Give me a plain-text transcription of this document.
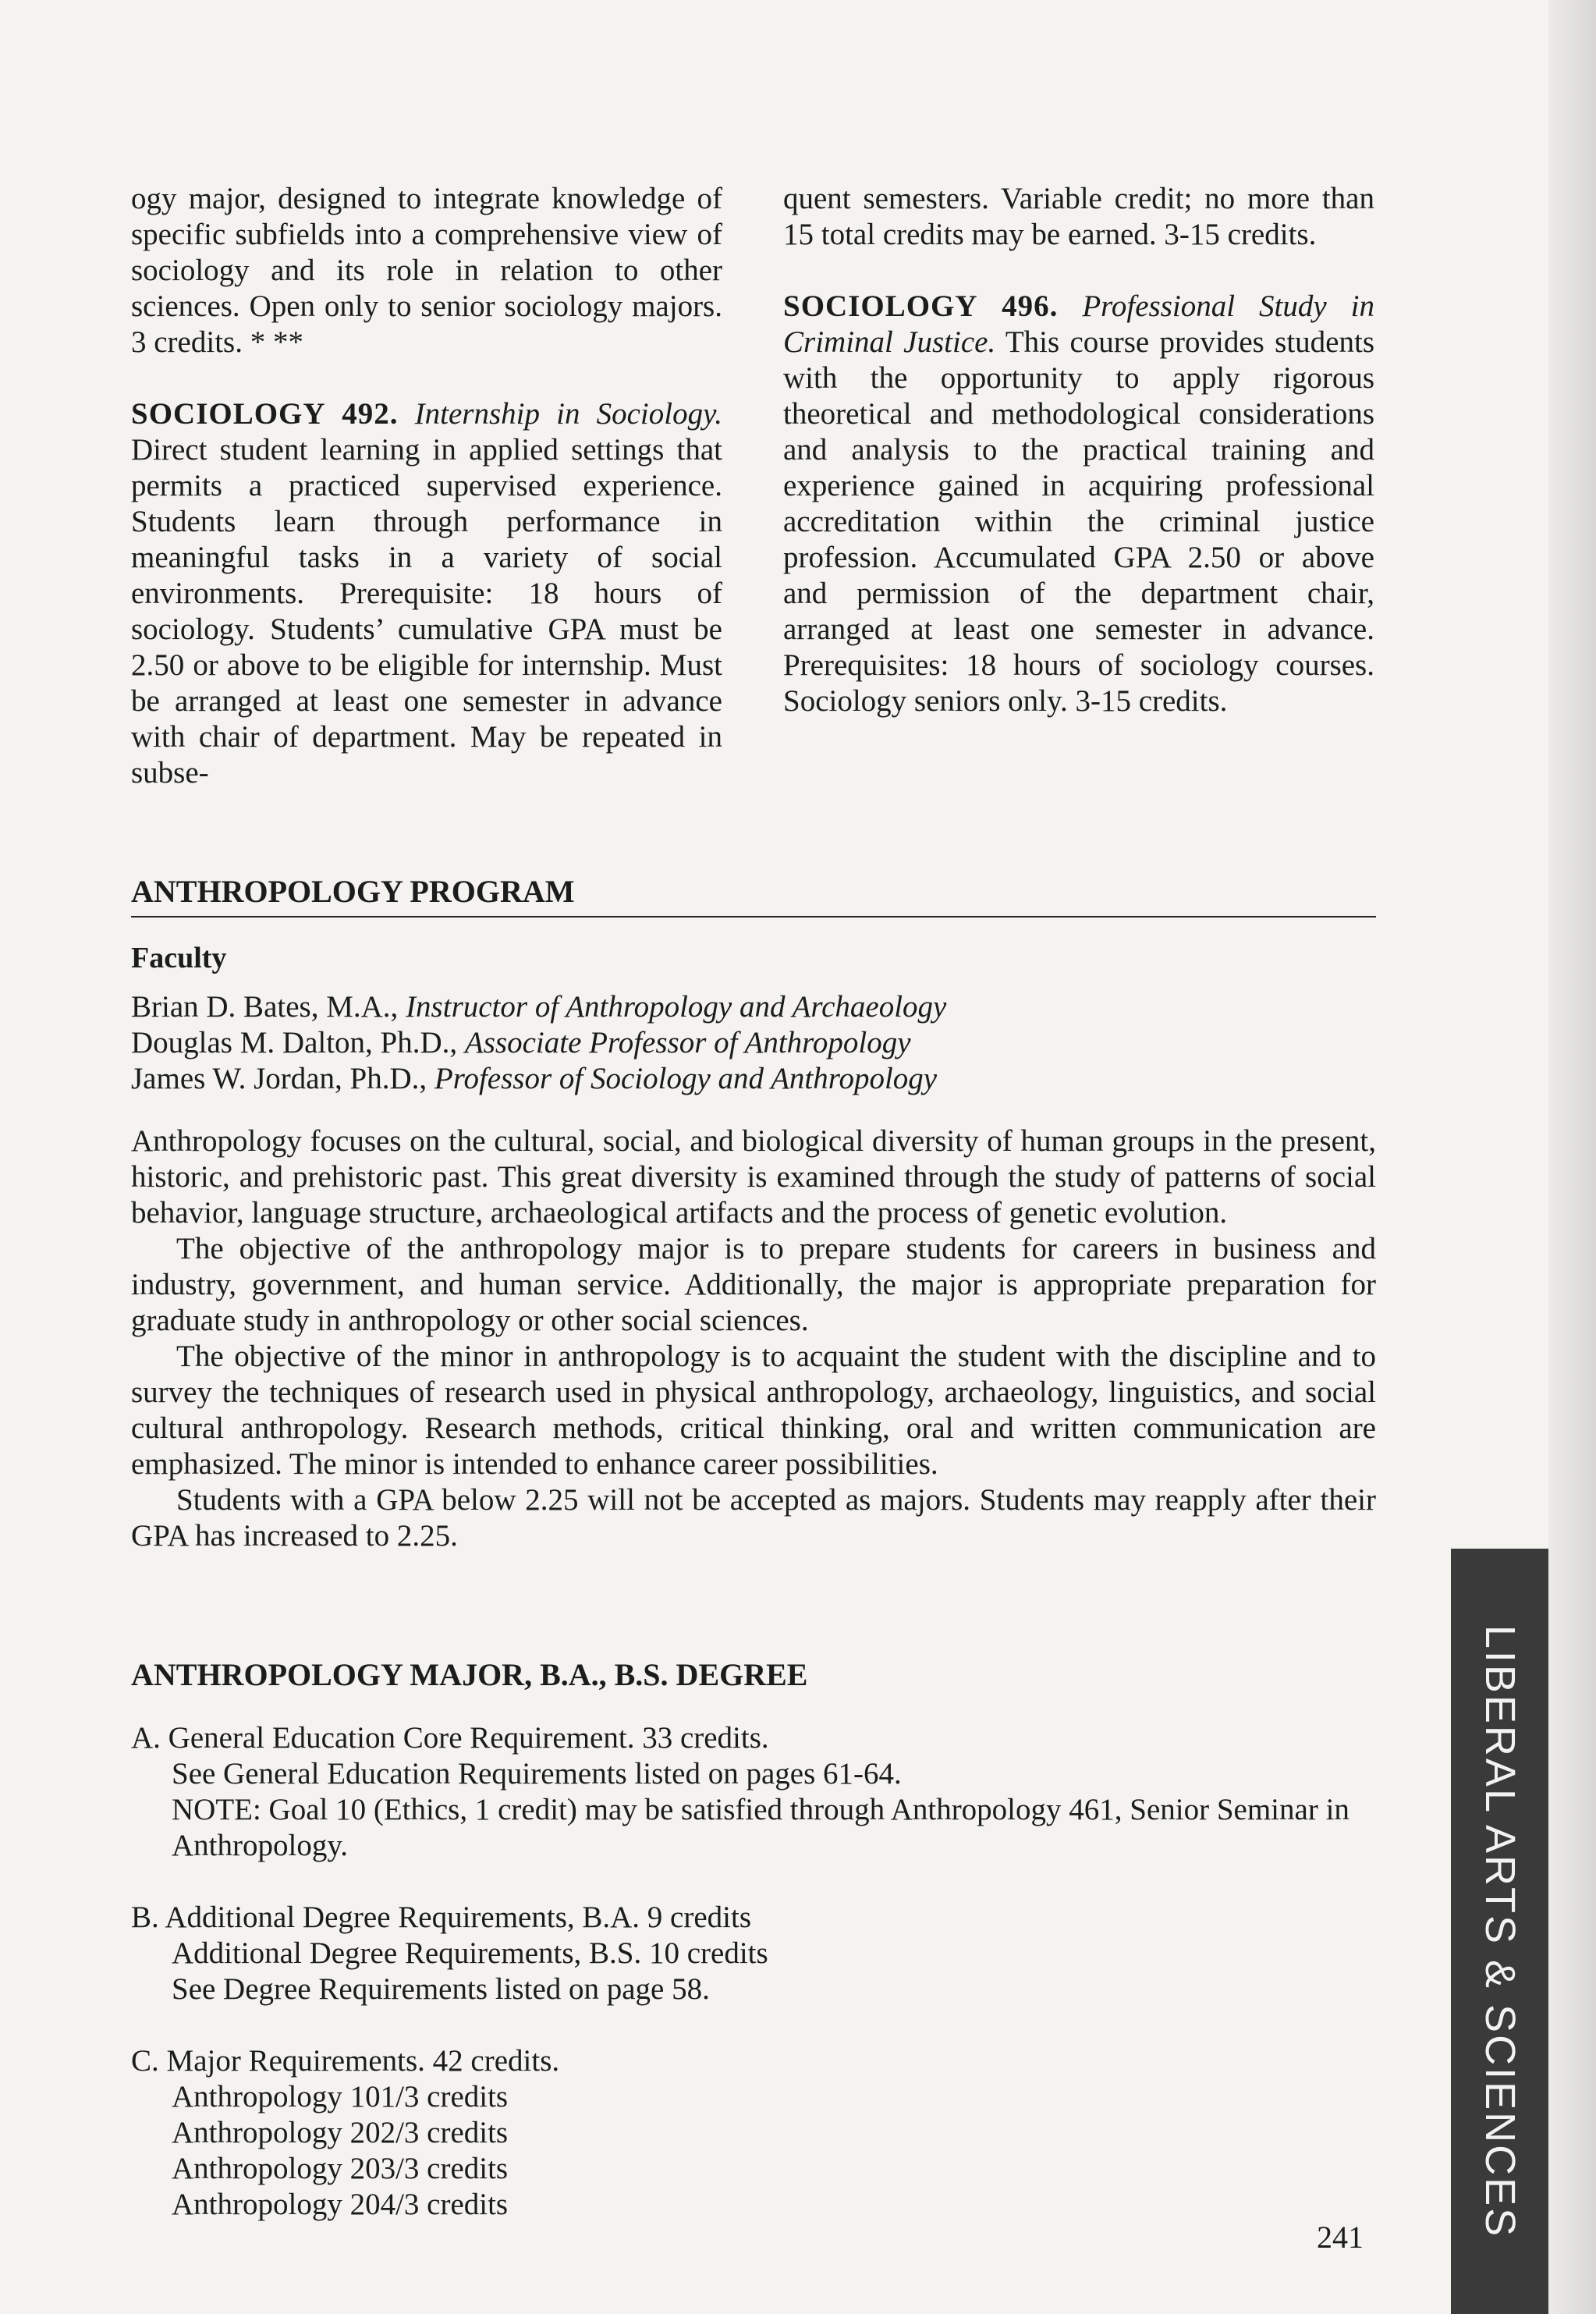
ogy major, designed to integrate knowledge of specific subfields into a comprehensive view of sociology and its role in relation to other sciences. Open only to senior sociology majors. 3 credits. * **

SOCIOLOGY 492. Internship in Sociology. Direct student learning in applied settings that permits a practiced supervised experience. Students learn through performance in meaningful tasks in a variety of social environments. Prerequisite: 18 hours of sociology. Students’ cumulative GPA must be 2.50 or above to be eligible for internship. Must be arranged at least one semester in advance with chair of department. May be repeated in subse-

quent semesters. Variable credit; no more than 15 total credits may be earned. 3-15 credits.

SOCIOLOGY 496. Professional Study in Criminal Justice. This course provides students with the opportunity to apply rigorous theoretical and methodological considerations and analysis to the practical training and experience gained in acquiring professional accreditation within the criminal justice profession. Accumulated GPA 2.50 or above and permission of the department chair, arranged at least one semester in advance. Prerequisites: 18 hours of sociology courses. Sociology seniors only. 3-15 credits.

ANTHROPOLOGY PROGRAM
Faculty
Brian D. Bates, M.A., Instructor of Anthropology and Archaeology
Douglas M. Dalton, Ph.D., Associate Professor of Anthropology
James W. Jordan, Ph.D., Professor of Sociology and Anthropology

Anthropology focuses on the cultural, social, and biological diversity of human groups in the present, historic, and prehistoric past. This great diversity is examined through the study of patterns of social behavior, language structure, archaeological artifacts and the process of genetic evolution.

The objective of the anthropology major is to prepare students for careers in business and industry, government, and human service. Additionally, the major is appropriate preparation for graduate study in anthropology or other social sciences.

The objective of the minor in anthropology is to acquaint the student with the discipline and to survey the techniques of research used in physical anthropology, archaeology, linguistics, and social cultural anthropology. Research methods, critical thinking, oral and written communication are emphasized. The minor is intended to enhance career possibilities.

Students with a GPA below 2.25 will not be accepted as majors. Students may reapply after their GPA has increased to 2.25.

ANTHROPOLOGY MAJOR, B.A., B.S. DEGREE
A. General Education Core Requirement. 33 credits.
See General Education Requirements listed on pages 61-64.
NOTE: Goal 10 (Ethics, 1 credit) may be satisfied through Anthropology 461, Senior Seminar in Anthropology.
B. Additional Degree Requirements, B.A. 9 credits
Additional Degree Requirements, B.S. 10 credits
See Degree Requirements listed on page 58.
C. Major Requirements. 42 credits.
Anthropology 101/3 credits
Anthropology 202/3 credits
Anthropology 203/3 credits
Anthropology 204/3 credits
241	LIBERAL ARTS & SCIENCES
